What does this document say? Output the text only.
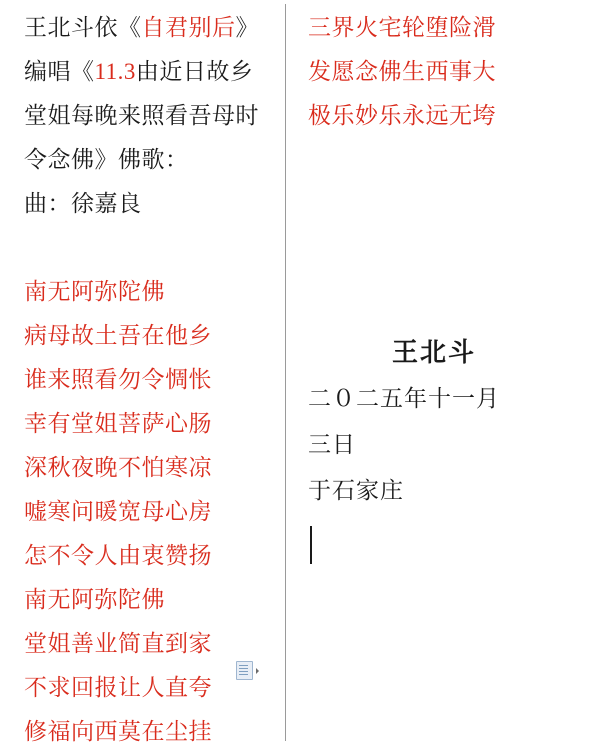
王北斗依《自君别后》
编唱《11.3由近日故乡
堂姐每晚来照看吾母时
令念佛》佛歌：
曲：徐嘉良
南无阿弥陀佛
病母故土吾在他乡
谁来照看勿令惆怅
幸有堂姐菩萨心肠
深秋夜晚不怕寒凉
嘘寒问暖宽母心房
怎不令人由衷赞扬
南无阿弥陀佛
堂姐善业简直到家
不求回报让人直夸
修福向西莫在尘挂
三界火宅轮堕险滑
发愿念佛生西事大
极乐妙乐永远无垮
王北斗
二０二五年十一月
三日
于石家庄
